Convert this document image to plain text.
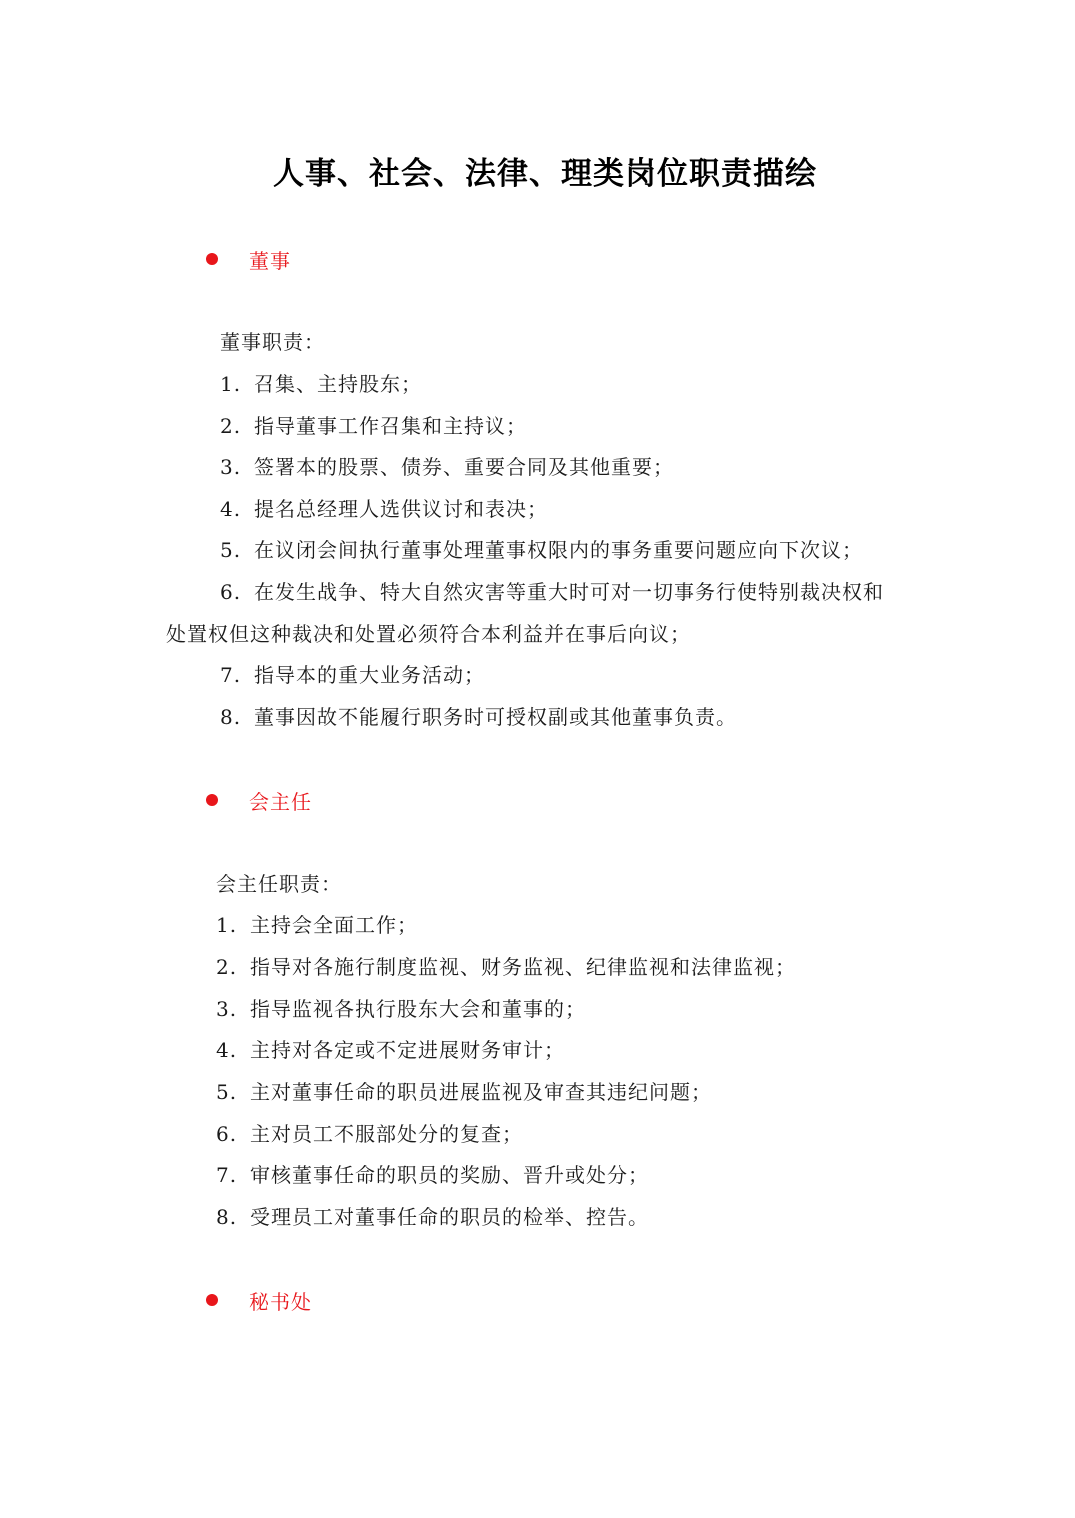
人事、社会、法律、理类岗位职责描绘
董事
董事职责：
1. 召集、主持股东；
2. 指导董事工作召集和主持议；
3. 签署本的股票、债券、重要合同及其他重要；
4. 提名总经理人选供议讨和表决；
5. 在议闭会间执行董事处理董事权限内的事务重要问题应向下次议；
6. 在发生战争、特大自然灾害等重大时可对一切事务行使特别裁决权和
处置权但这种裁决和处置必须符合本利益并在事后向议；
7. 指导本的重大业务活动；
8. 董事因故不能履行职务时可授权副或其他董事负责。
会主任
会主任职责：
1. 主持会全面工作；
2. 指导对各施行制度监视、财务监视、纪律监视和法律监视；
3. 指导监视各执行股东大会和董事的；
4. 主持对各定或不定进展财务审计；
5. 主对董事任命的职员进展监视及审查其违纪问题；
6. 主对员工不服部处分的复查；
7. 审核董事任命的职员的奖励、晋升或处分；
8. 受理员工对董事任命的职员的检举、控告。
秘书处
